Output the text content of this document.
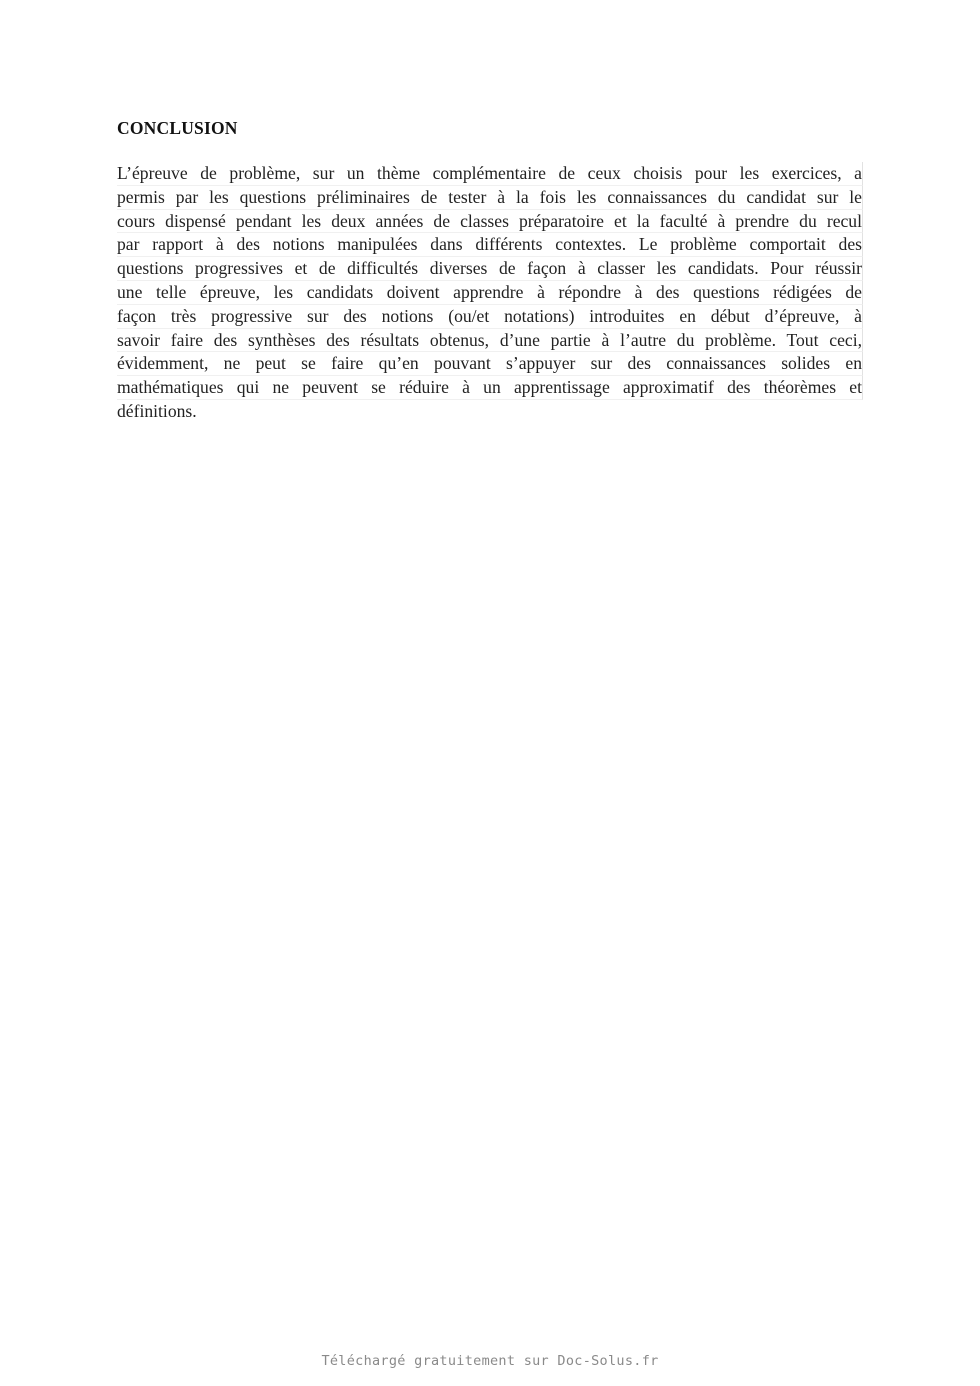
CONCLUSION
L’épreuve de problème, sur un thème complémentaire de ceux choisis pour les exercices, a
permis par les questions préliminaires de tester à la fois les connaissances du candidat sur le
cours dispensé pendant les deux années de classes préparatoire et la faculté à prendre du recul
par rapport à des notions manipulées dans différents contextes. Le problème comportait des
questions progressives et de difficultés diverses de façon à classer les candidats. Pour réussir
une telle épreuve, les candidats doivent apprendre à répondre à des questions rédigées de
façon très progressive sur des notions (ou/et notations) introduites en début d’épreuve, à
savoir faire des synthèses des résultats obtenus, d’une partie à l’autre du problème. Tout ceci,
évidemment, ne peut se faire qu’en pouvant s’appuyer sur des connaissances solides en
mathématiques qui ne peuvent se réduire à un apprentissage approximatif des théorèmes et
définitions.
Téléchargé gratuitement sur Doc-Solus.fr
